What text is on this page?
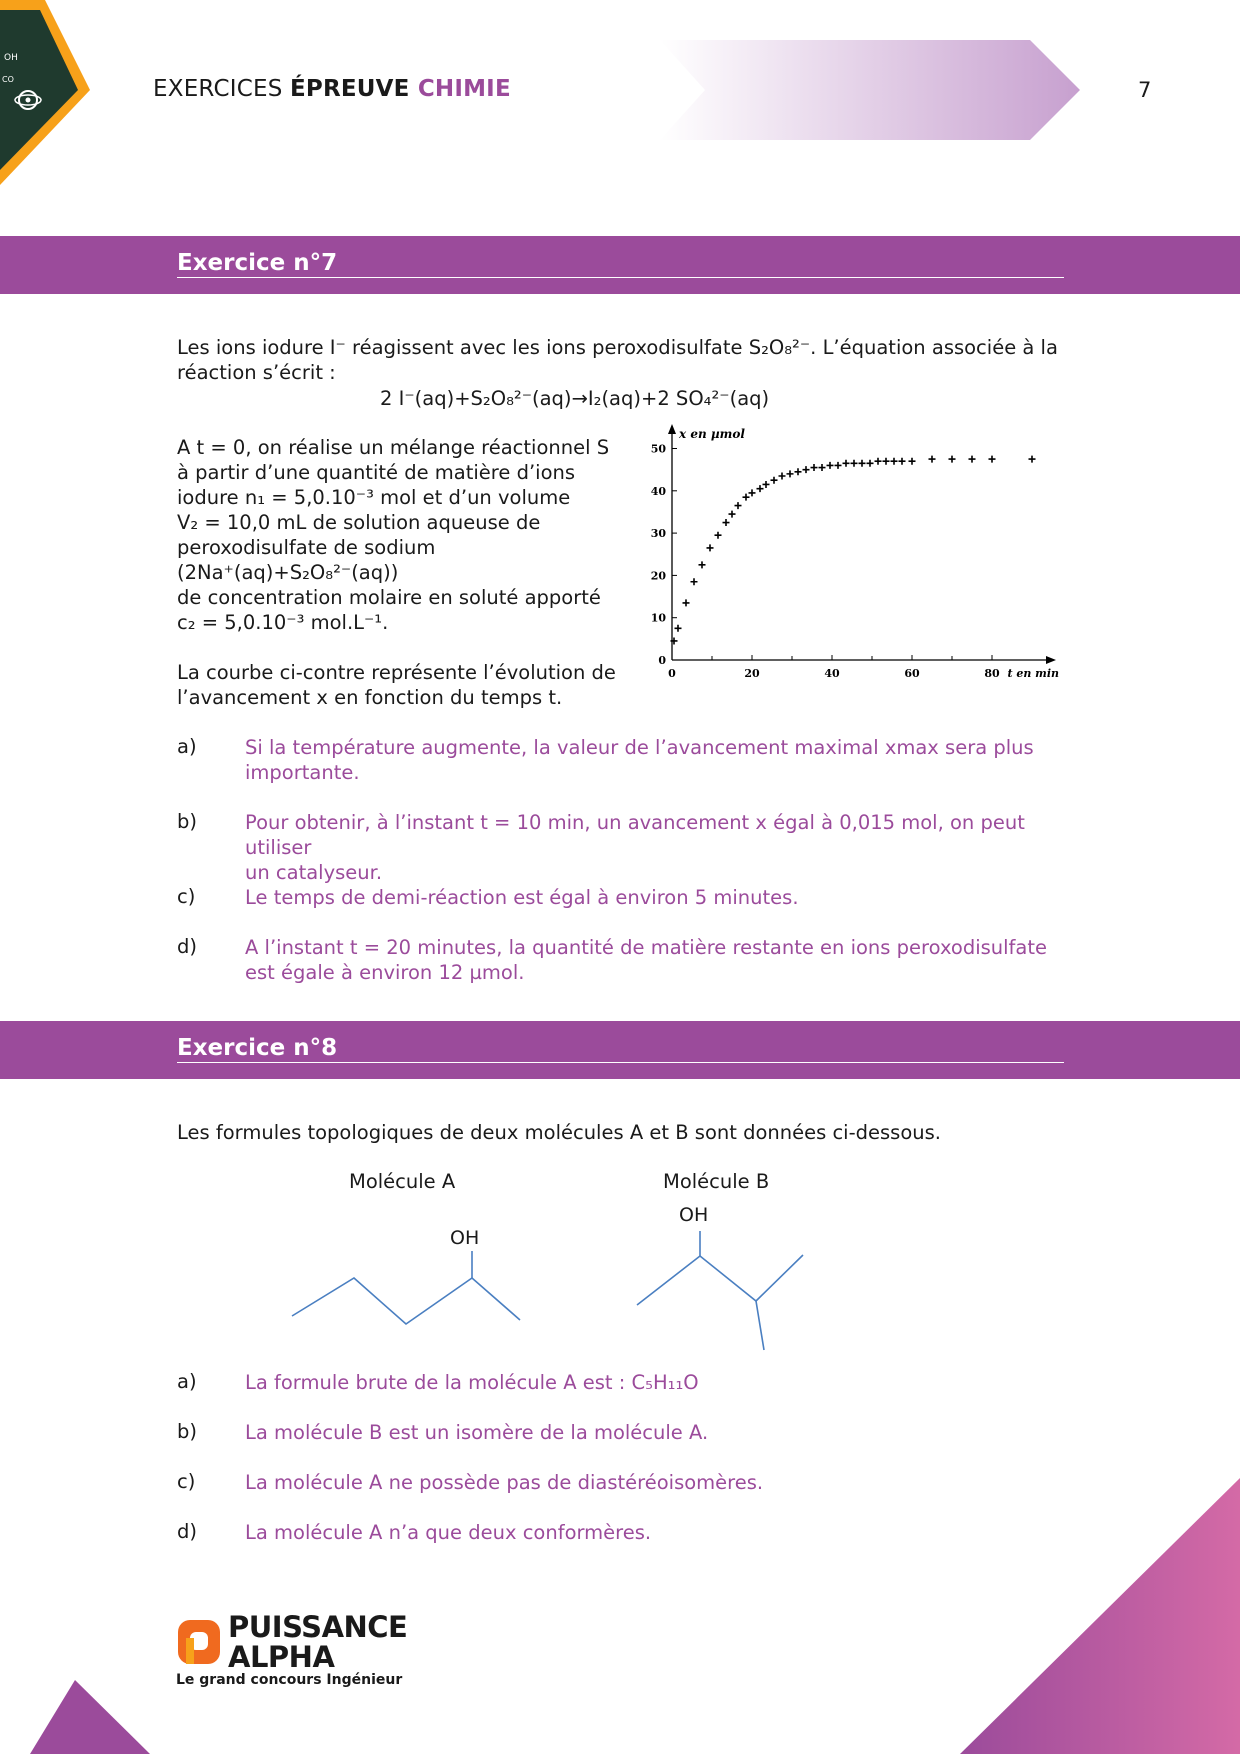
OH
CO	EXERCICES ÉPREUVE CHIMIE	7
Exercice n°7
Les ions iodure I⁻ réagissent avec les ions peroxodisulfate S₂O₈²⁻. L’équation associée à la
réaction s’écrit :
2 I⁻(aq)+S₂O₈²⁻(aq)→I₂(aq)+2 SO₄²⁻(aq)
A t = 0, on réalise un mélange réactionnel S
à partir d’une quantité de matière d’ions
iodure n₁ = 5,0.10⁻³ mol et d’un volume
V₂ = 10,0 mL de solution aqueuse de
peroxodisulfate de sodium (2Na⁺(aq)+S₂O₈²⁻(aq))
de concentration molaire en soluté apporté
c₂ = 5,0.10⁻³ mol.L⁻¹.
La courbe ci-contre représente l’évolution de
l’avancement x en fonction du temps t.
0	20	40	60	80
0
10
20
30
40
50
x en µmol
t en min
a) Si la température augmente, la valeur de l’avancement maximal xmax sera plus
importante.
b) Pour obtenir, à l’instant t = 10 min, un avancement x égal à 0,015 mol, on peut utiliser
un catalyseur.
c)	Le temps de demi-réaction est égal à environ 5 minutes.
d) A l’instant t = 20 minutes, la quantité de matière restante en ions peroxodisulfate
est égale à environ 12 µmol.
Exercice n°8
Les formules topologiques de deux molécules A et B sont données ci-dessous.
Molécule A	Molécule B
OH
OH
a) La formule brute de la molécule A est : C₅H₁₁O
b) La molécule B est un isomère de la molécule A.
c)	La molécule A ne possède pas de diastéréoisomères.
d) La molécule A n’a que deux conformères.
PUISSANCE
ALPHA
Le grand concours Ingénieur
